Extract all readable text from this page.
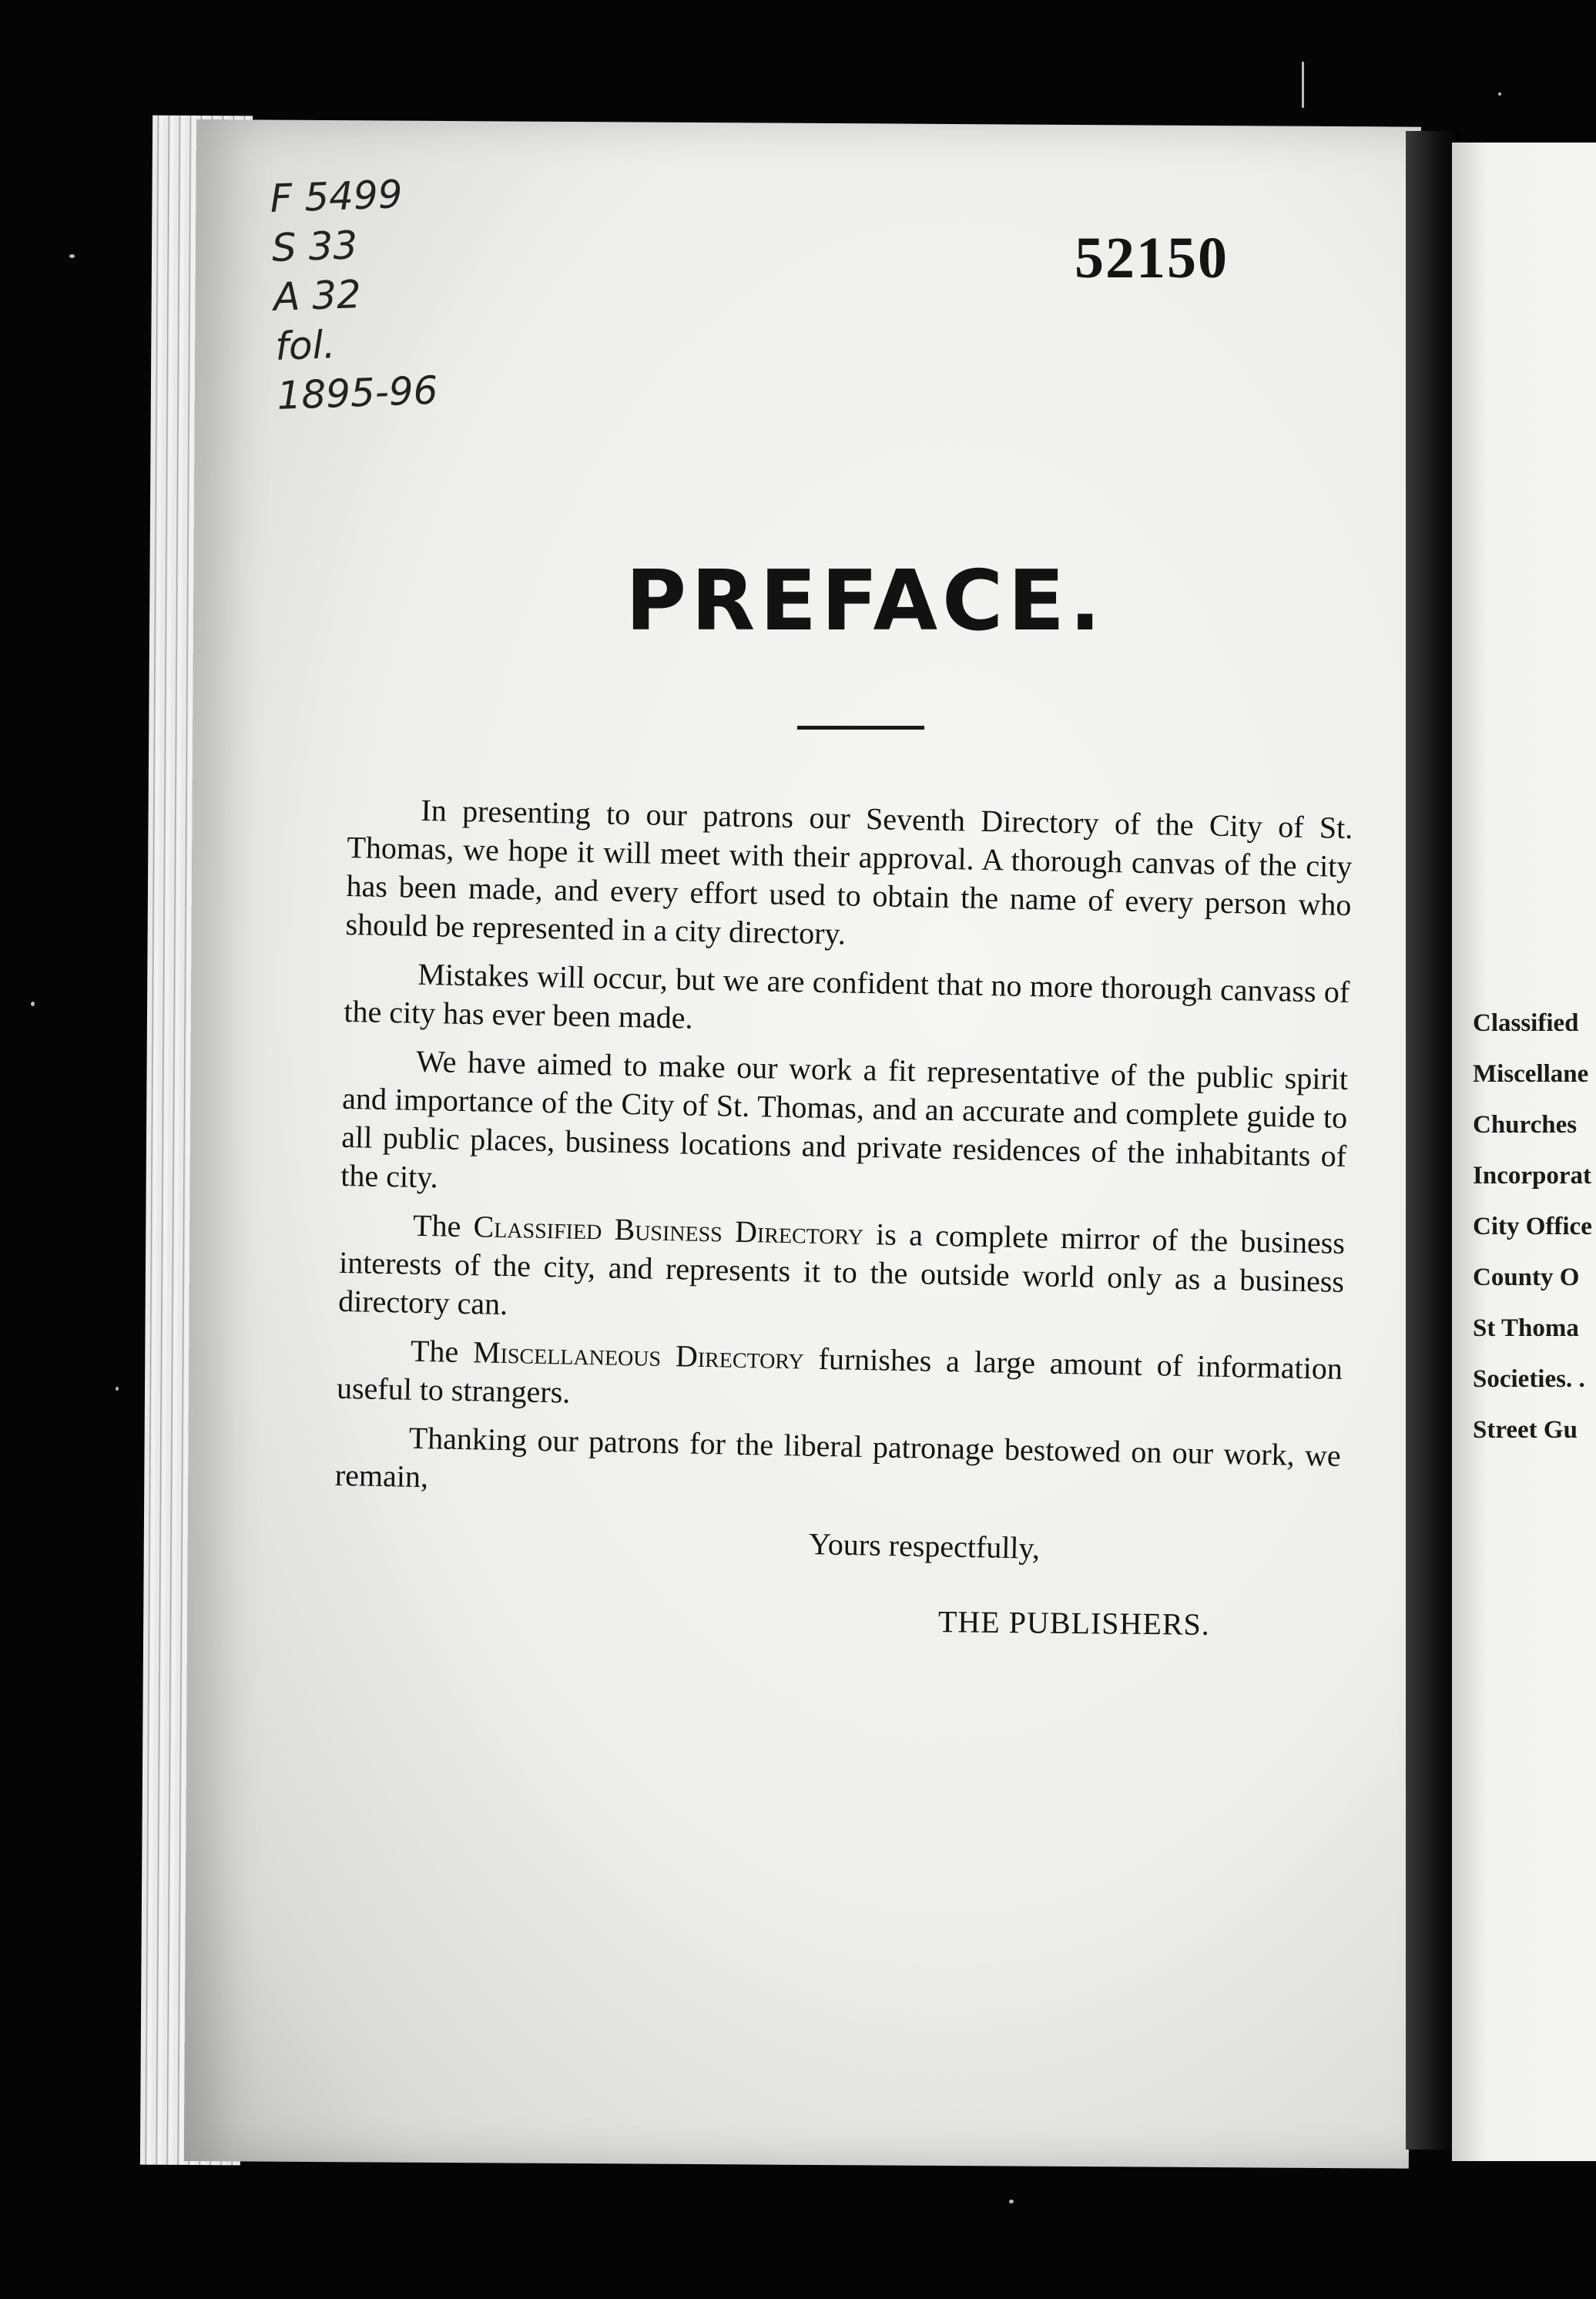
F 5499
S 33
A 32
fol.
1895-96
52150
PREFACE.

In presenting to our patrons our Seventh Directory of the City of St. Thomas, we hope it will meet with their approval. A thorough canvas of the city has been made, and every effort used to obtain the name of every person who should be represented in a city directory.

Mistakes will occur, but we are confident that no more thorough canvass of the city has ever been made.

We have aimed to make our work a fit representative of the public spirit and importance of the City of St. Thomas, and an accurate and complete guide to all public places, business locations and private residences of the inhabitants of the city.

The Classified Business Directory is a complete mirror of the business interests of the city, and represents it to the outside world only as a business directory can.

The Miscellaneous Directory furnishes a large amount of information useful to strangers.

Thanking our patrons for the liberal patronage bestowed on our work, we remain,

Yours respectfully,
THE PUBLISHERS.
Classified
Miscellane
Churches
Incorporat
City Office
County O
St Thoma
Societies. .
Street Gu
